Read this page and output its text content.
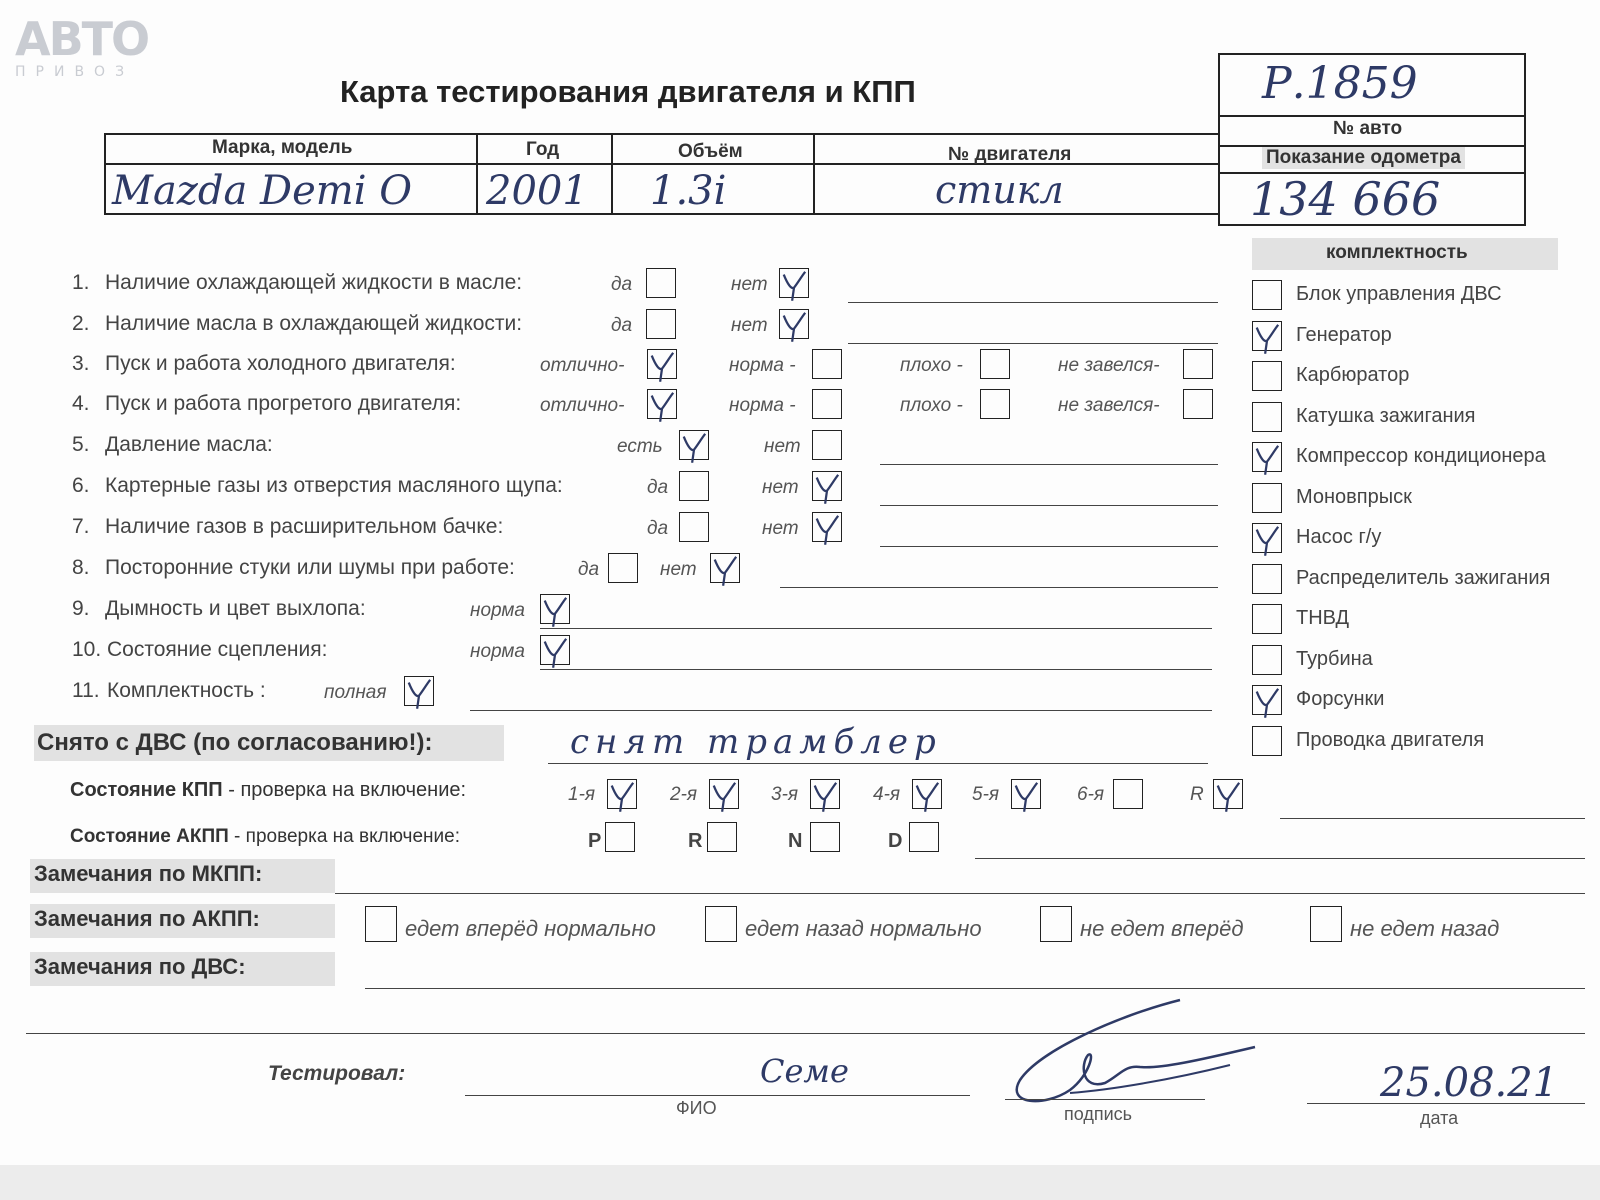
АВТО
ПРИВОЗ
Карта тестирования двигателя и КПП	Р.1859
№ авто
Показание одометра
134 666
Марка, модель	Год	Объём	№ двигателя
Mazda Demi O 2001 1.3i	стикл
комплектность
1. Наличие охлаждающей жидкости в масле:	да	нет
2. Наличие масла в охлаждающей жидкости:	да	нет
3. Пуск и работа холодного двигателя:	отлично-	норма -	плохо -	не завелся-
4. Пуск и работа прогретого двигателя:	отлично-	норма -	плохо -	не завелся-
5. Давление масла:	есть	нет
6. Картерные газы из отверстия масляного щупа:	да	нет
7. Наличие газов в расширительном бачке:	да	нет
8. Посторонние стуки или шумы при работе:	да	нет
9. Дымность и цвет выхлопа:	норма
10. Состояние сцепления:	норма
11. Комплектность :	полная
Блок управления ДВС
Генератор
Карбюратор
Катушка зажигания
Компрессор кондиционера
Моновпрыск
Насос г/у
Распределитель зажигания
ТНВД
Турбина
Форсунки
Проводка двигателя
Снято с ДВС (по согласованию!):	снят трамблер
Состояние КПП - проверка на включение:	1-я	2-я	3-я	4-я	5-я	6-я	R
Состояние АКПП - проверка на включение:	P	R	N	D
Замечания по МКПП:
Замечания по АКПП:	едет вперёд нормально	едет назад нормально	не едет вперёд	не едет назад
Замечания по ДВС:
Тестировал:	Семе
ФИО	подпись
25.08.21
дата
